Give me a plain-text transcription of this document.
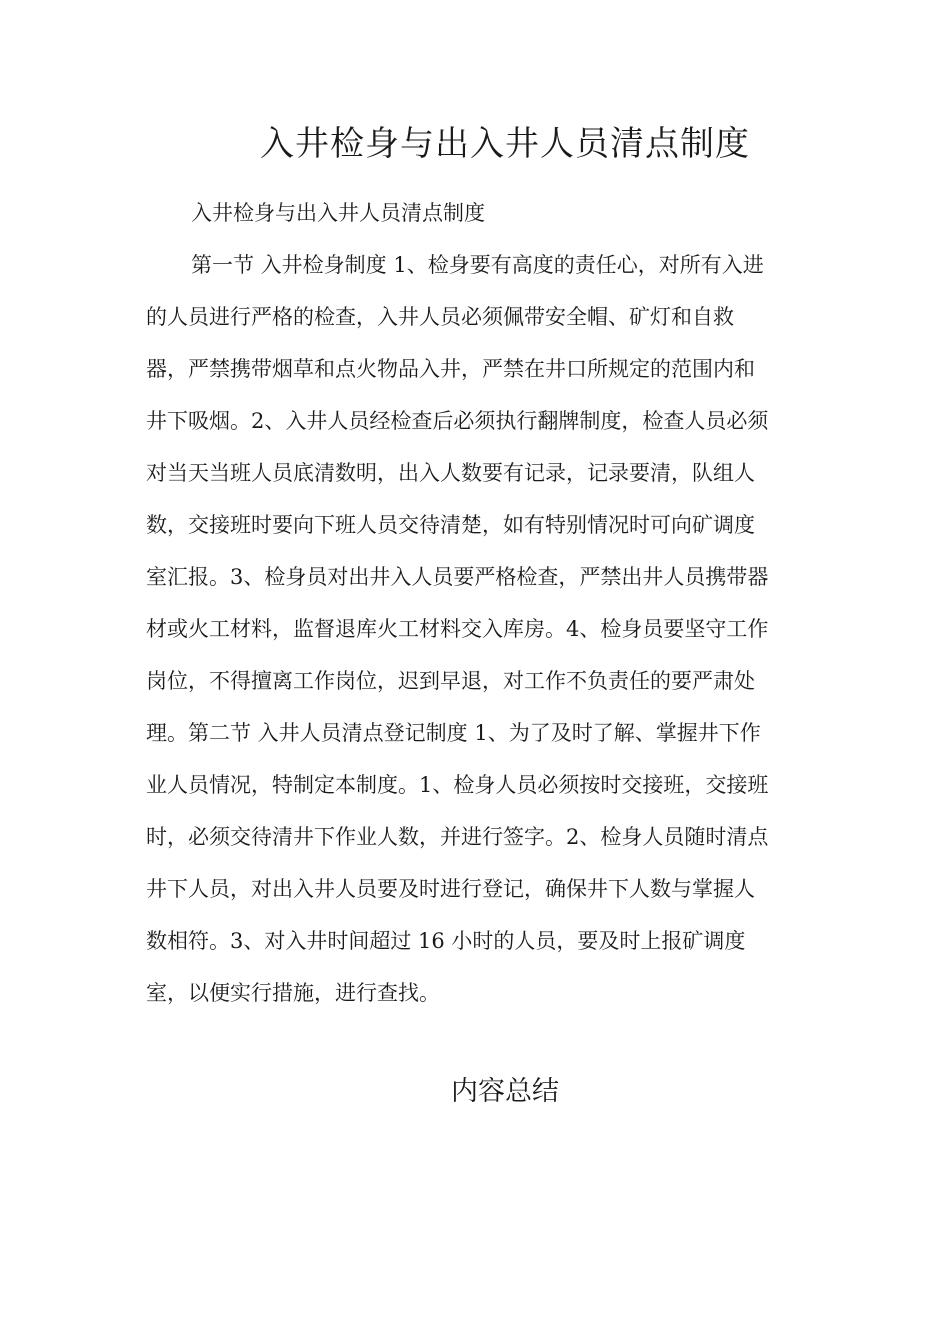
入井检身与出入井人员清点制度

入井检身与出入井人员清点制度

第一节 入井检身制度 1、检身要有高度的责任心，对所有入进

的人员进行严格的检查，入井人员必须佩带安全帽、矿灯和自救

器，严禁携带烟草和点火物品入井，严禁在井口所规定的范围内和

井下吸烟。2、入井人员经检查后必须执行翻牌制度，检查人员必须

对当天当班人员底清数明，出入人数要有记录，记录要清，队组人

数，交接班时要向下班人员交待清楚，如有特别情况时可向矿调度

室汇报。3、检身员对出井入人员要严格检查，严禁出井人员携带器

材或火工材料，监督退库火工材料交入库房。4、检身员要坚守工作

岗位，不得擅离工作岗位，迟到早退，对工作不负责任的要严肃处

理。第二节 入井人员清点登记制度 1、为了及时了解、掌握井下作

业人员情况，特制定本制度。1、检身人员必须按时交接班，交接班

时，必须交待清井下作业人数，并进行签字。2、检身人员随时清点

井下人员，对出入井人员要及时进行登记，确保井下人数与掌握人

数相符。3、对入井时间超过 16 小时的人员，要及时上报矿调度

室，以便实行措施，进行查找。

内容总结
